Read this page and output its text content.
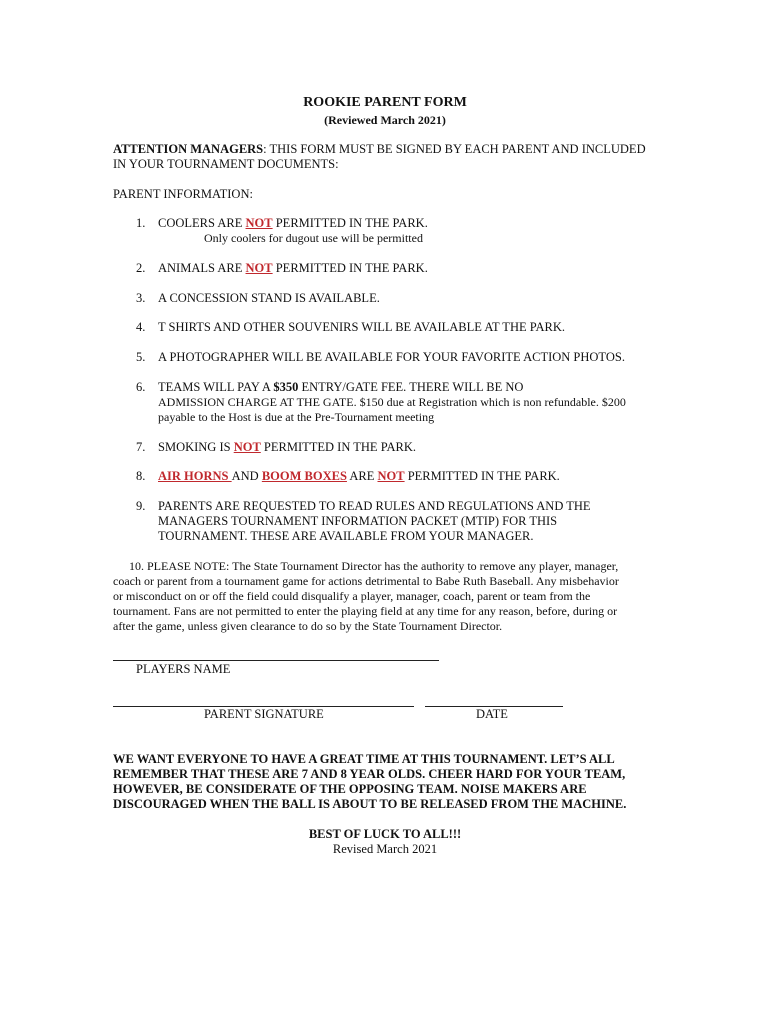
ROOKIE PARENT FORM
(Reviewed March 2021)
ATTENTION MANAGERS: THIS FORM MUST BE SIGNED BY EACH PARENT AND INCLUDED
IN YOUR TOURNAMENT DOCUMENTS:
PARENT INFORMATION:
1. COOLERS ARE NOT PERMITTED IN THE PARK.
Only coolers for dugout use will be permitted
2. ANIMALS ARE NOT PERMITTED IN THE PARK.
3. A CONCESSION STAND IS AVAILABLE.
4. T SHIRTS AND OTHER SOUVENIRS WILL BE AVAILABLE AT THE PARK.
5. A PHOTOGRAPHER WILL BE AVAILABLE FOR YOUR FAVORITE ACTION PHOTOS.
6. TEAMS WILL PAY A $350 ENTRY/GATE FEE. THERE WILL BE NO
ADMISSION CHARGE AT THE GATE. $150 due at Registration which is non refundable. $200
payable to the Host is due at the Pre-Tournament meeting
7. SMOKING IS NOT PERMITTED IN THE PARK.
8. AIR HORNS AND BOOM BOXES ARE NOT PERMITTED IN THE PARK.
9. PARENTS ARE REQUESTED TO READ RULES AND REGULATIONS AND THE
MANAGERS TOURNAMENT INFORMATION PACKET (MTIP) FOR THIS
TOURNAMENT. THESE ARE AVAILABLE FROM YOUR MANAGER.
10. PLEASE NOTE: The State Tournament Director has the authority to remove any player, manager,
coach or parent from a tournament game for actions detrimental to Babe Ruth Baseball. Any misbehavior
or misconduct on or off the field could disqualify a player, manager, coach, parent or team from the
tournament. Fans are not permitted to enter the playing field at any time for any reason, before, during or
after the game, unless given clearance to do so by the State Tournament Director.
PLAYERS NAME
PARENT SIGNATURE	DATE
WE WANT EVERYONE TO HAVE A GREAT TIME AT THIS TOURNAMENT. LET’S ALL
REMEMBER THAT THESE ARE 7 AND 8 YEAR OLDS. CHEER HARD FOR YOUR TEAM,
HOWEVER, BE CONSIDERATE OF THE OPPOSING TEAM. NOISE MAKERS ARE
DISCOURAGED WHEN THE BALL IS ABOUT TO BE RELEASED FROM THE MACHINE.
BEST OF LUCK TO ALL!!!
Revised March 2021
